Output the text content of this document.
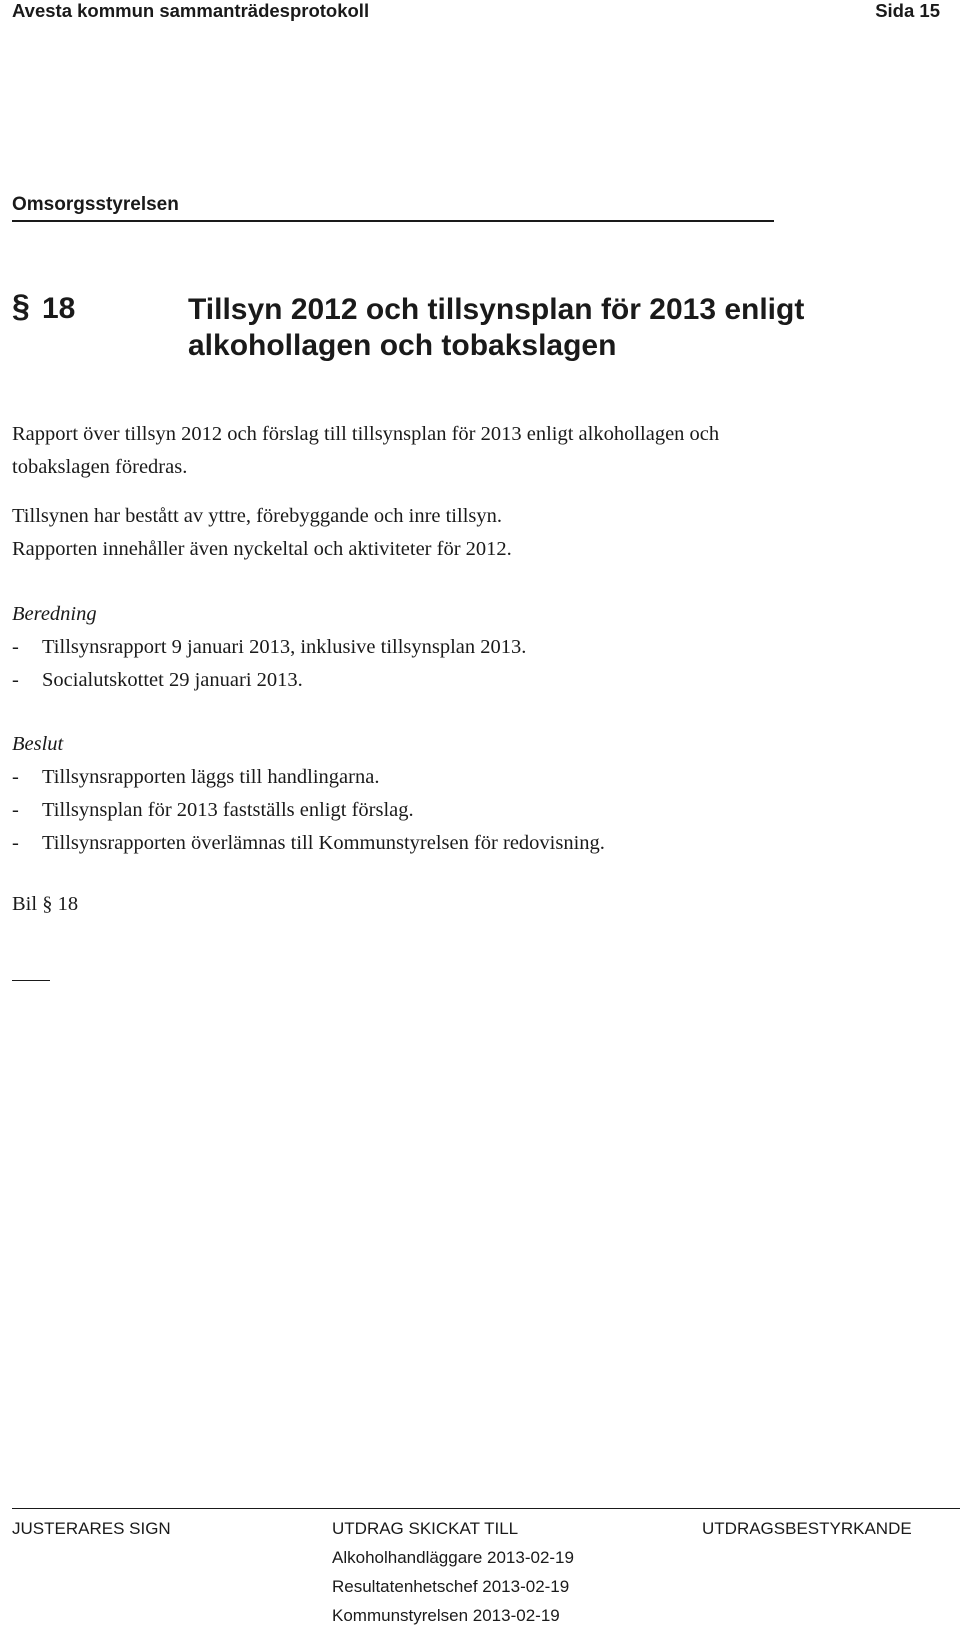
Avesta kommun sammanträdesprotokoll	Sida 15
Omsorgsstyrelsen
§ 18	Tillsyn 2012 och tillsynsplan för 2013 enligt
alkohollagen och tobakslagen

Rapport över tillsyn 2012 och förslag till tillsynsplan för 2013 enligt alkohollagen och

tobakslagen föredras.

Tillsynen har bestått av yttre, förebyggande och inre tillsyn.

Rapporten innehåller även nyckeltal och aktiviteter för 2012.

Beredning

- Tillsynsrapport 9 januari 2013, inklusive tillsynsplan 2013.

- Socialutskottet 29 januari 2013.

Beslut

- Tillsynsrapporten läggs till handlingarna.

- Tillsynsplan för 2013 fastställs enligt förslag.

- Tillsynsrapporten överlämnas till Kommunstyrelsen för redovisning.

Bil § 18
JUSTERARES SIGN	UTDRAG SKICKAT TILL
Alkoholhandläggare 2013-02-19
Resultatenhetschef 2013-02-19
Kommunstyrelsen 2013-02-19
UTDRAGSBESTYRKANDE
